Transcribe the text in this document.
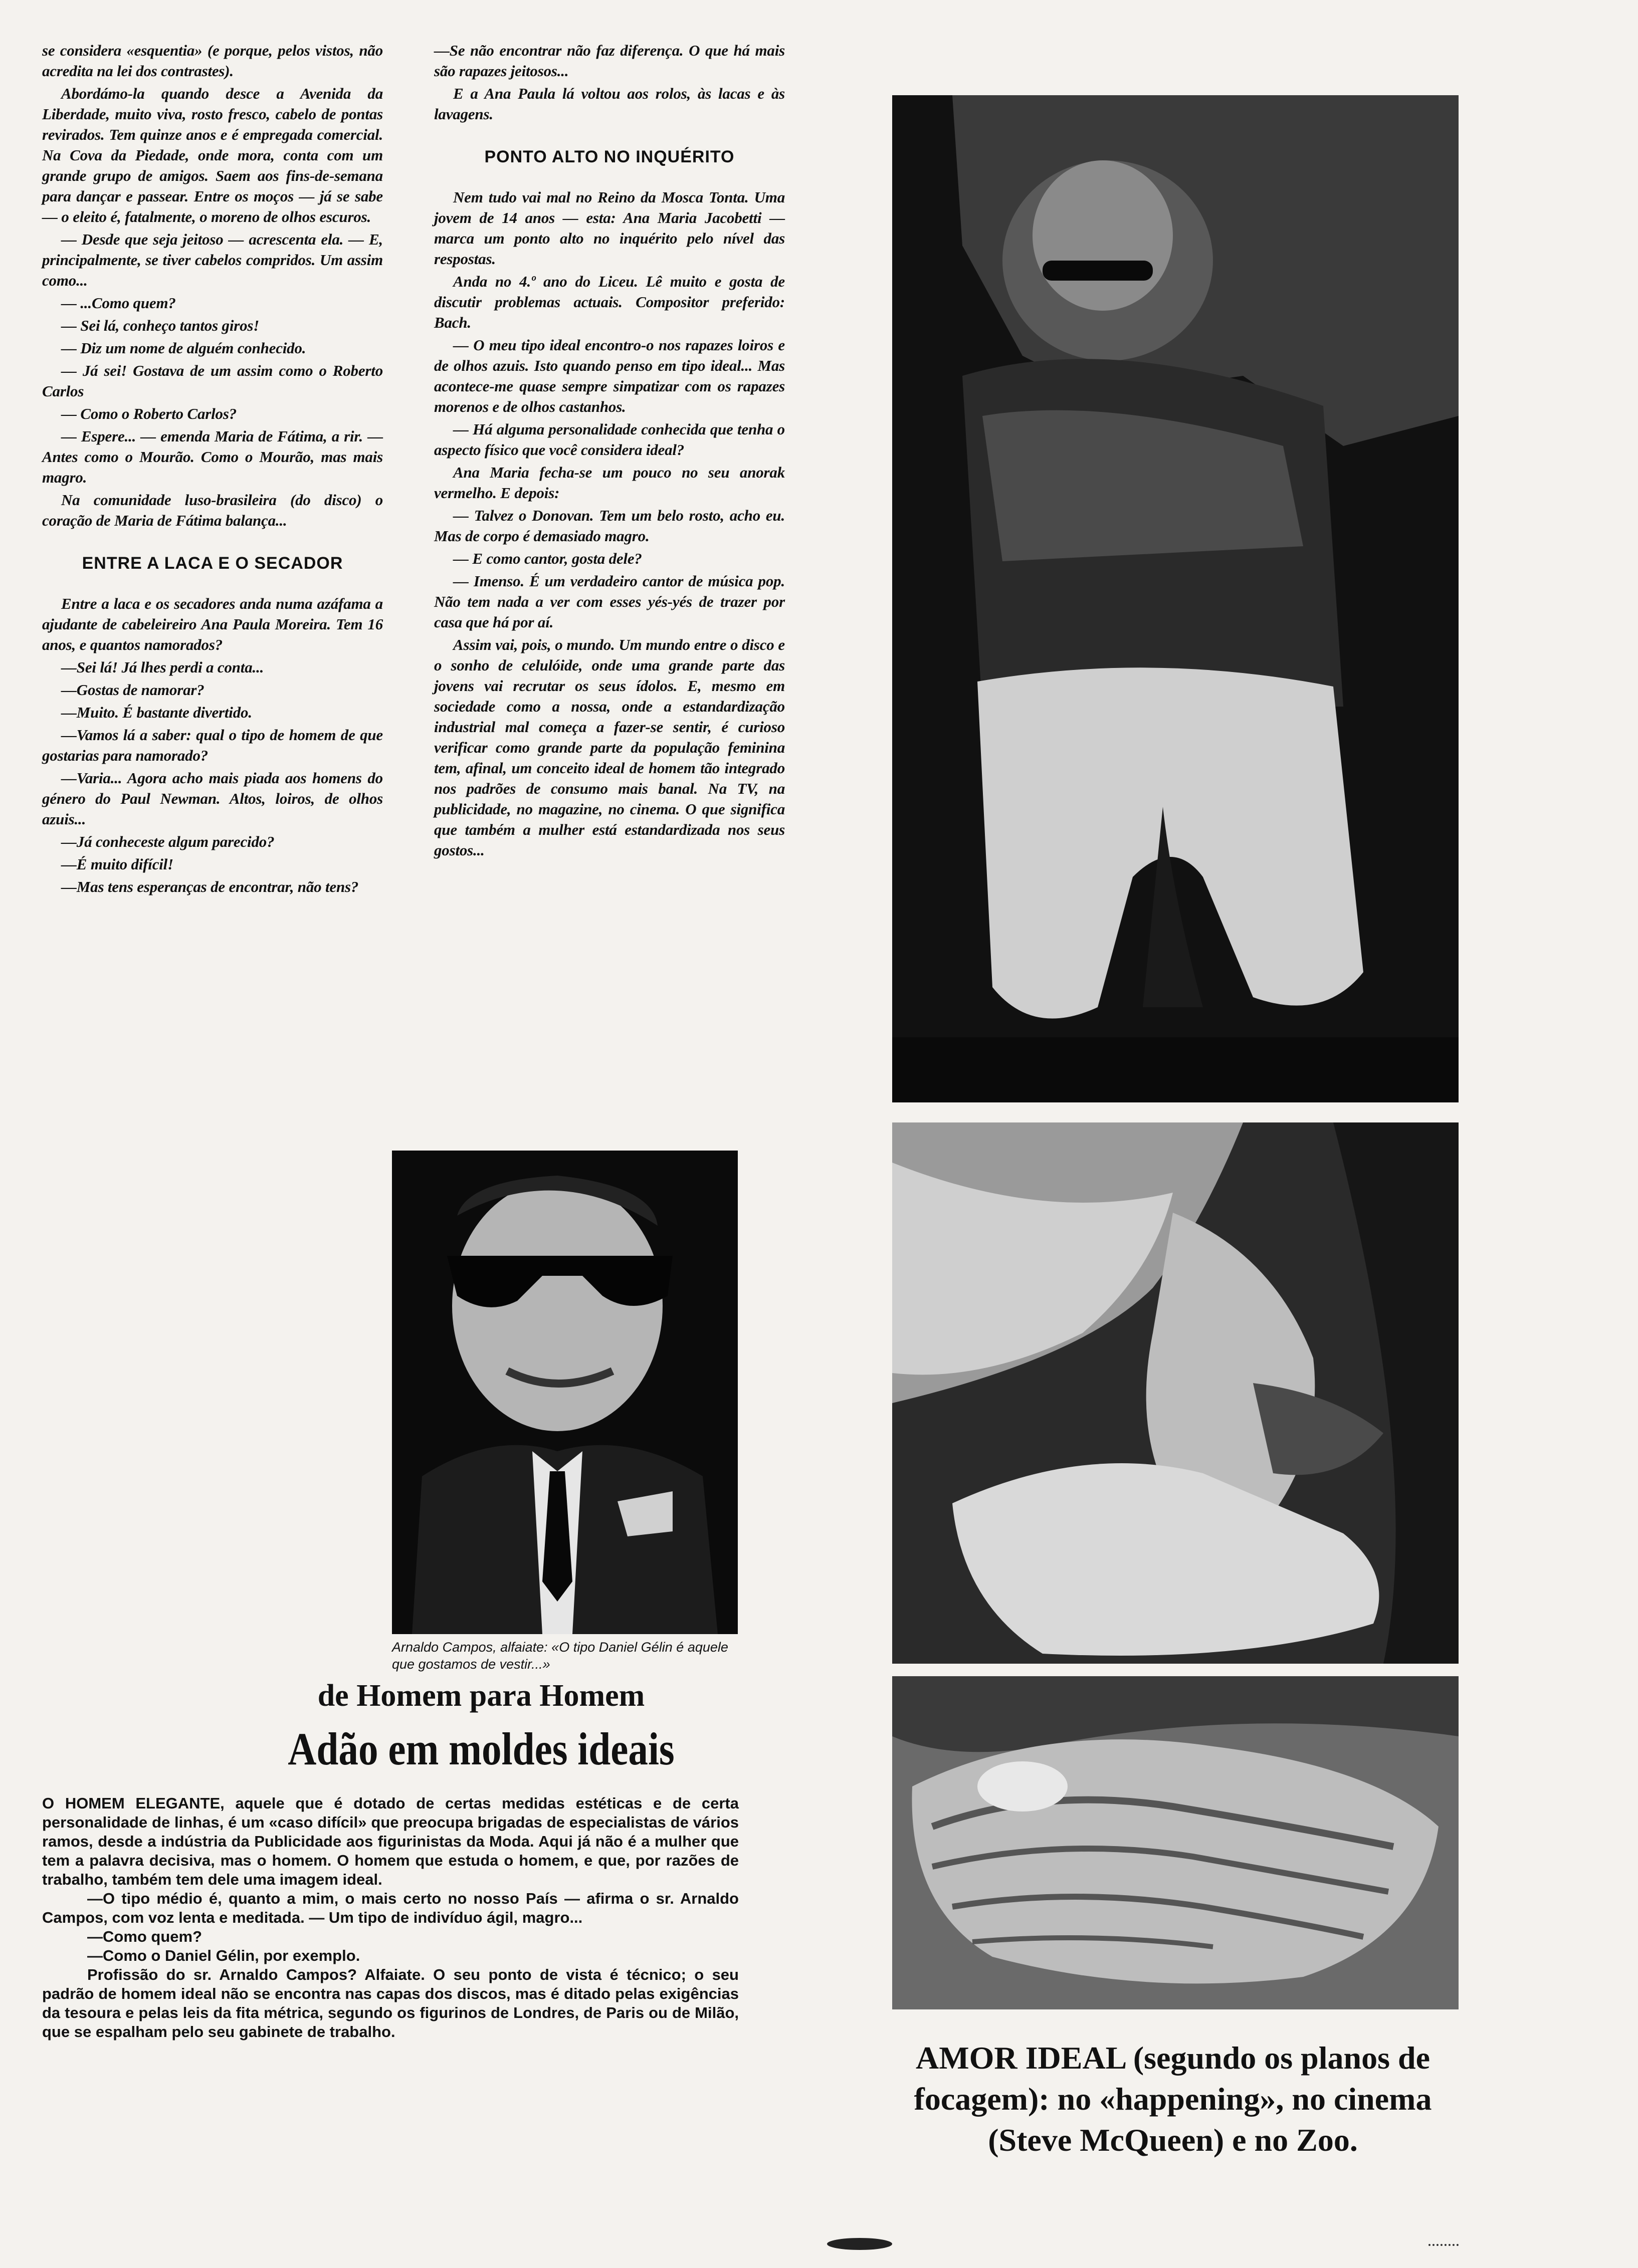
se considera «esquentia» (e porque, pelos vistos, não acredita na lei dos contrastes).

Abordámo-la quando desce a Avenida da Liberdade, muito viva, rosto fresco, cabelo de pontas revirados. Tem quinze anos e é empregada comercial. Na Cova da Piedade, onde mora, conta com um grande grupo de amigos. Saem aos fins-de-semana para dançar e passear. Entre os moços — já se sabe — o eleito é, fatalmente, o moreno de olhos escuros.

— Desde que seja jeitoso — acrescenta ela. — E, principalmente, se tiver cabelos compridos. Um assim como...

— ...Como quem?

— Sei lá, conheço tantos giros!

— Diz um nome de alguém conhecido.

— Já sei! Gostava de um assim como o Roberto Carlos

— Como o Roberto Carlos?

— Espere... — emenda Maria de Fátima, a rir. — Antes como o Mourão. Como o Mourão, mas mais magro.

Na comunidade luso-brasileira (do disco) o coração de Maria de Fátima balança...

ENTRE A LACA E O SECADOR

Entre a laca e os secadores anda numa azáfama a ajudante de cabeleireiro Ana Paula Moreira. Tem 16 anos, e quantos namorados?

—Sei lá! Já lhes perdi a conta...

—Gostas de namorar?

—Muito. É bastante divertido.

—Vamos lá a saber: qual o tipo de homem de que gostarias para namorado?

—Varia... Agora acho mais piada aos homens do género do Paul Newman. Altos, loiros, de olhos azuis...

—Já conheceste algum parecido?

—É muito difícil!

—Mas tens esperanças de encontrar, não tens?

—Se não encontrar não faz diferença. O que há mais são rapazes jeitosos...

E a Ana Paula lá voltou aos rolos, às lacas e às lavagens.

PONTO ALTO NO INQUÉRITO

Nem tudo vai mal no Reino da Mosca Tonta. Uma jovem de 14 anos — esta: Ana Maria Jacobetti — marca um ponto alto no inquérito pelo nível das respostas.

Anda no 4.º ano do Liceu. Lê muito e gosta de discutir problemas actuais. Compositor preferido: Bach.

— O meu tipo ideal encontro-o nos rapazes loiros e de olhos azuis. Isto quando penso em tipo ideal... Mas acontece-me quase sempre simpatizar com os rapazes morenos e de olhos castanhos.

— Há alguma personalidade conhecida que tenha o aspecto físico que você considera ideal?

Ana Maria fecha-se um pouco no seu anorak vermelho. E depois:

— Talvez o Donovan. Tem um belo rosto, acho eu. Mas de corpo é demasiado magro.

— E como cantor, gosta dele?

— Imenso. É um verdadeiro cantor de música pop. Não tem nada a ver com esses yés-yés de trazer por casa que há por aí.

Assim vai, pois, o mundo. Um mundo entre o disco e o sonho de celulóide, onde uma grande parte das jovens vai recrutar os seus ídolos. E, mesmo em sociedade como a nossa, onde a estandardização industrial mal começa a fazer-se sentir, é curioso verificar como grande parte da população feminina tem, afinal, um conceito ideal de homem tão integrado nos padrões de consumo mais banal. Na TV, na publicidade, no magazine, no cinema. O que significa que também a mulher está estandardizada nos seus gostos...

Arnaldo Campos, alfaiate: «O tipo Daniel Gélin é aquele que gostamos de vestir...»

de Homem para Homem
Adão em moldes ideais

O HOMEM ELEGANTE, aquele que é dotado de certas medidas estéticas e de certa personalidade de linhas, é um «caso difícil» que preocupa brigadas de especialistas de vários ramos, desde a indústria da Publicidade aos figurinistas da Moda. Aqui já não é a mulher que tem a palavra decisiva, mas o homem. O homem que estuda o homem, e que, por razões de trabalho, também tem dele uma imagem ideal.

—O tipo médio é, quanto a mim, o mais certo no nosso País — afirma o sr. Arnaldo Campos, com voz lenta e meditada. — Um tipo de indivíduo ágil, magro...

—Como quem?

—Como o Daniel Gélin, por exemplo.

Profissão do sr. Arnaldo Campos? Alfaiate. O seu ponto de vista é técnico; o seu padrão de homem ideal não se encontra nas capas dos discos, mas é ditado pelas exigências da tesoura e pelas leis da fita métrica, segundo os figurinos de Londres, de Paris ou de Milão, que se espalham pelo seu gabinete de trabalho.

AMOR IDEAL (segundo os planos de focagem): no «happening», no cinema (Steve McQueen) e no Zoo.
